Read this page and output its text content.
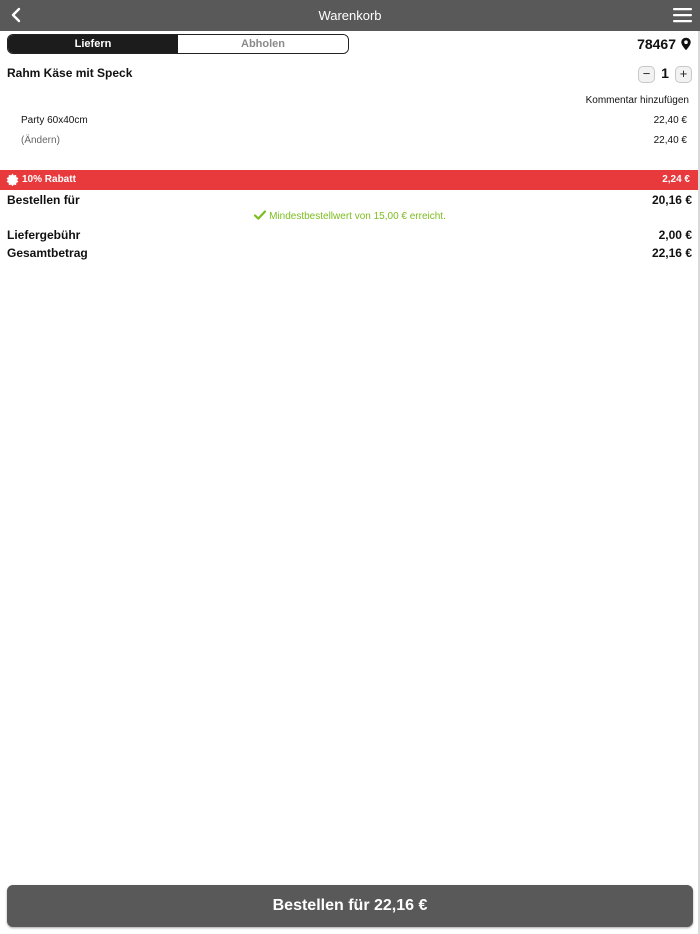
Warenkorb
Liefern	Abholen	78467
Rahm Käse mit Speck	− 1 +
Kommentar hinzufügen
Party 60x40cm	22,40 €
(Ändern)	22,40 €
10% Rabatt	2,24 €
Bestellen für	20,16 €
Mindestbestellwert von 15,00 € erreicht.
Liefergebühr	2,00 €
Gesamtbetrag	22,16 €
Bestellen für 22,16 €
